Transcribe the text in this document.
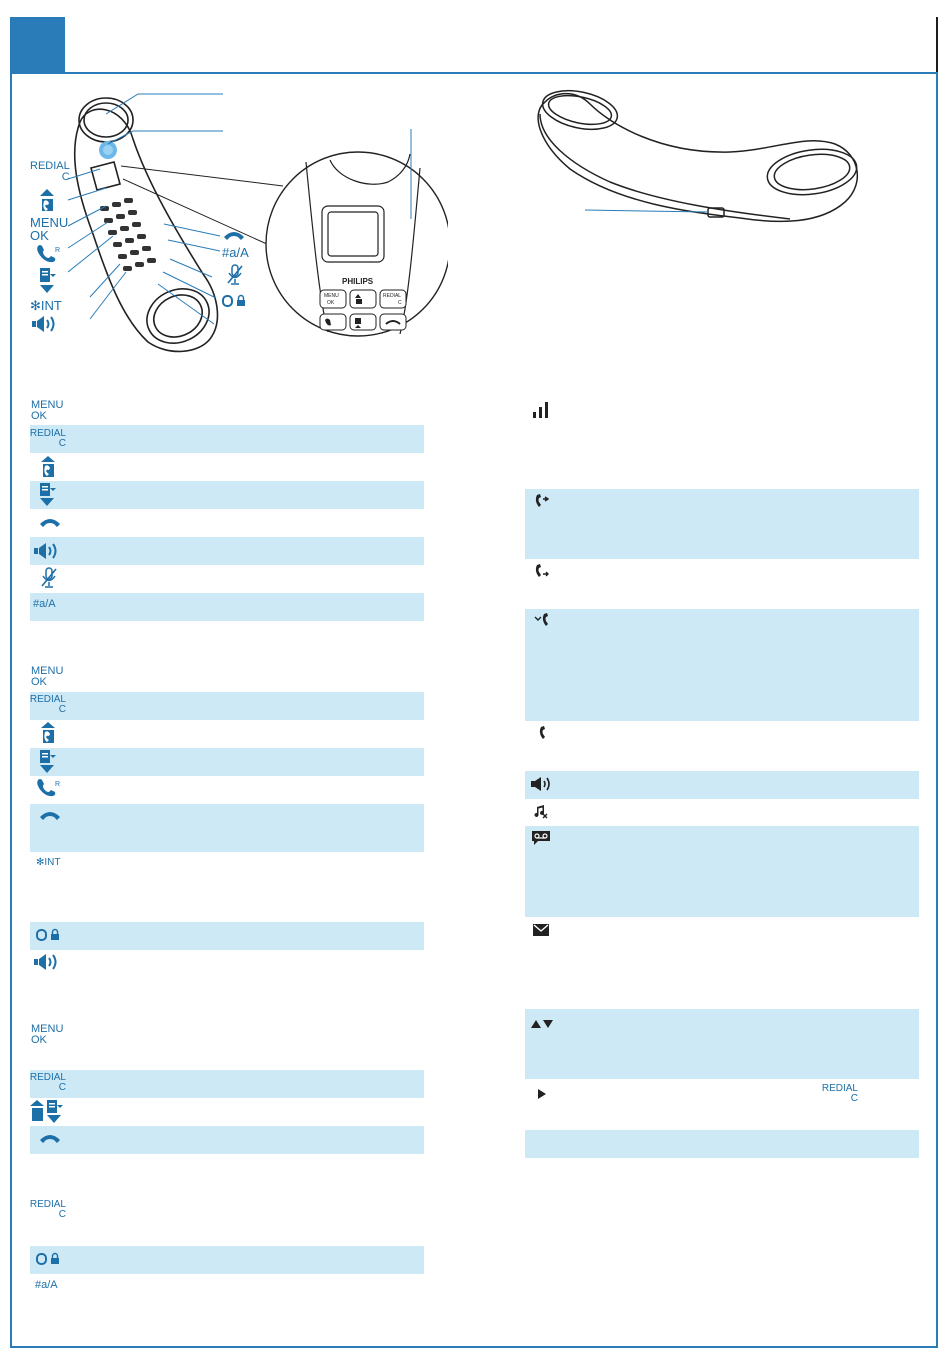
PHILIPS
MENU
OK
REDIAL
C
REDIAL
C
MENU
OK
R
✻INT
#a/A
MENU
OK
REDIAL
C
#a/A
MENU
OK
REDIAL
C
R
✻INT
MENU
OK
REDIAL
C
REDIAL
C
#a/A
REDIAL
C
